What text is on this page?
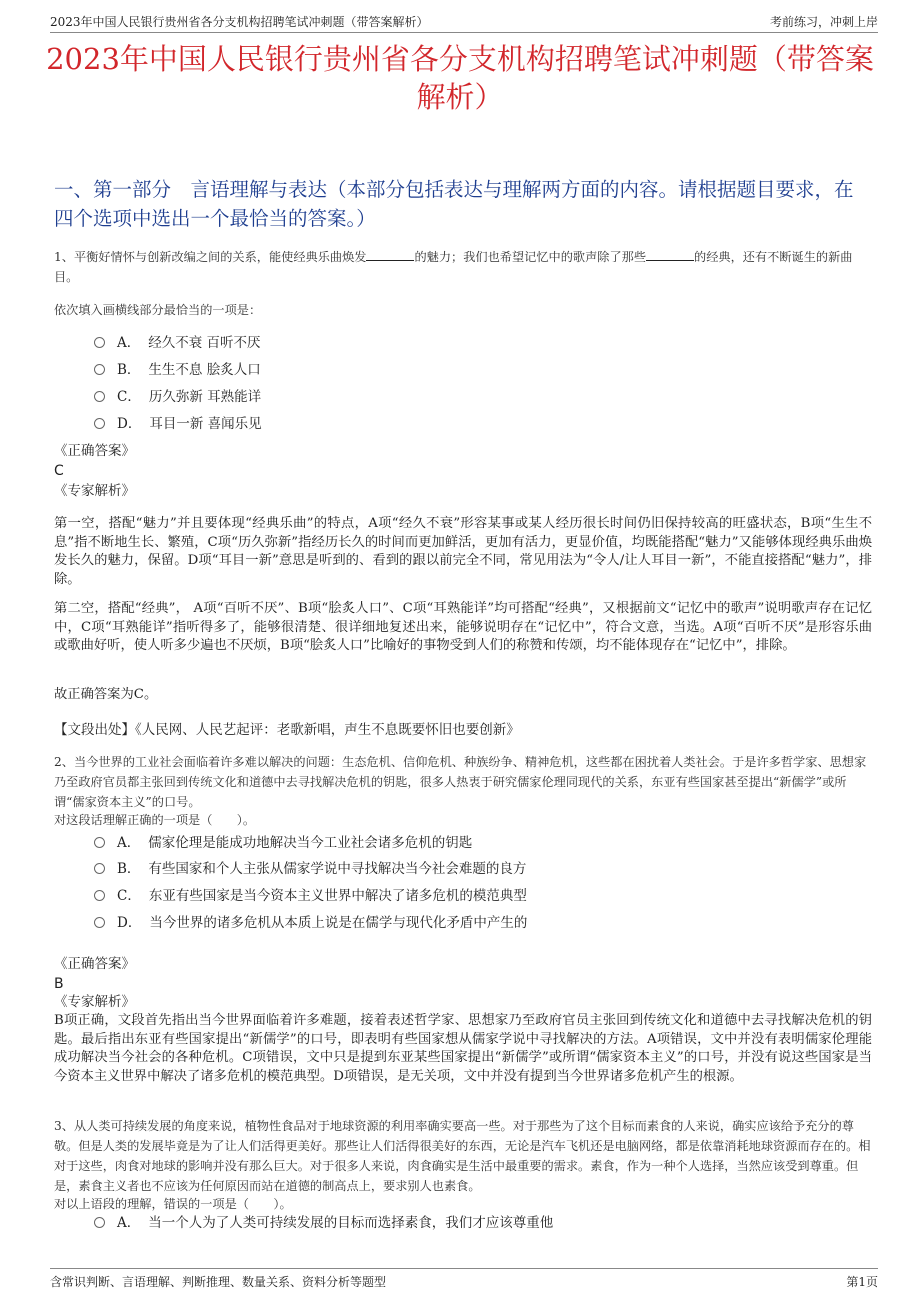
2023年中国人民银行贵州省各分支机构招聘笔试冲刺题（带答案解析）	考前练习，冲刺上岸
2023年中国人民银行贵州省各分支机构招聘笔试冲刺题（带答案解析）
一、第一部分　言语理解与表达（本部分包括表达与理解两方面的内容。请根据题目要求，在四个选项中选出一个最恰当的答案。）

1、平衡好情怀与创新改编之间的关系，能使经典乐曲焕发	的魅力；我们也希望记忆中的歌声除了那些	的经典，还有不断诞生的新曲目。

依次填入画横线部分最恰当的一项是：
A． 经久不衰 百听不厌
B． 生生不息 脍炙人口
C． 历久弥新 耳熟能详
D． 耳目一新 喜闻乐见
《正确答案》
C
《专家解析》

第一空，搭配“魅力”并且要体现“经典乐曲”的特点，A项“经久不衰”形容某事或某人经历很长时间仍旧保持较高的旺盛状态，B项“生生不息”指不断地生长、繁殖，C项“历久弥新”指经历长久的时间而更加鲜活，更加有活力，更显价值，均既能搭配“魅力”又能够体现经典乐曲焕发长久的魅力，保留。D项“耳目一新”意思是听到的、看到的跟以前完全不同，常见用法为“令人/让人耳目一新”，不能直接搭配“魅力”，排除。

第二空，搭配“经典”， A项“百听不厌”、B项“脍炙人口”、C项“耳熟能详”均可搭配“经典”，又根据前文“记忆中的歌声”说明歌声存在记忆中，C项“耳熟能详”指听得多了，能够很清楚、很详细地复述出来，能够说明存在“记忆中”，符合文意，当选。A项“百听不厌”是形容乐曲或歌曲好听，使人听多少遍也不厌烦，B项“脍炙人口”比喻好的事物受到人们的称赞和传颂，均不能体现存在“记忆中”，排除。

故正确答案为C。
【文段出处】《人民网、人民艺起评：老歌新唱，声生不息既要怀旧也要创新》

2、当今世界的工业社会面临着许多难以解决的问题：生态危机、信仰危机、种族纷争、精神危机，这些都在困扰着人类社会。于是许多哲学家、思想家乃至政府官员都主张回到传统文化和道德中去寻找解决危机的钥匙，很多人热衷于研究儒家伦理同现代的关系，东亚有些国家甚至提出“新儒学”或所谓“儒家资本主义”的口号。

对这段话理解正确的一项是（　　）。
A． 儒家伦理是能成功地解决当今工业社会诸多危机的钥匙
B． 有些国家和个人主张从儒家学说中寻找解决当今社会难题的良方
C． 东亚有些国家是当今资本主义世界中解决了诸多危机的模范典型
D． 当今世界的诸多危机从本质上说是在儒学与现代化矛盾中产生的
《正确答案》
B
《专家解析》

B项正确，文段首先指出当今世界面临着许多难题，接着表述哲学家、思想家乃至政府官员主张回到传统文化和道德中去寻找解决危机的钥匙。最后指出东亚有些国家提出“新儒学”的口号，即表明有些国家想从儒家学说中寻找解决的方法。A项错误，文中并没有表明儒家伦理能成功解决当今社会的各种危机。C项错误，文中只是提到东亚某些国家提出“新儒学”或所谓“儒家资本主义”的口号，并没有说这些国家是当今资本主义世界中解决了诸多危机的模范典型。D项错误，是无关项，文中并没有提到当今世界诸多危机产生的根源。

3、从人类可持续发展的角度来说，植物性食品对于地球资源的利用率确实要高一些。对于那些为了这个目标而素食的人来说，确实应该给予充分的尊敬。但是人类的发展毕竟是为了让人们活得更美好。那些让人们活得很美好的东西，无论是汽车飞机还是电脑网络，都是依靠消耗地球资源而存在的。相对于这些，肉食对地球的影响并没有那么巨大。对于很多人来说，肉食确实是生活中最重要的需求。素食，作为一种个人选择，当然应该受到尊重。但是，素食主义者也不应该为任何原因而站在道德的制高点上，要求别人也素食。

对以上语段的理解，错误的一项是（　　）。
A． 当一个人为了人类可持续发展的目标而选择素食，我们才应该尊重他
含常识判断、言语理解、判断推理、数量关系、资料分析等题型	第1页
